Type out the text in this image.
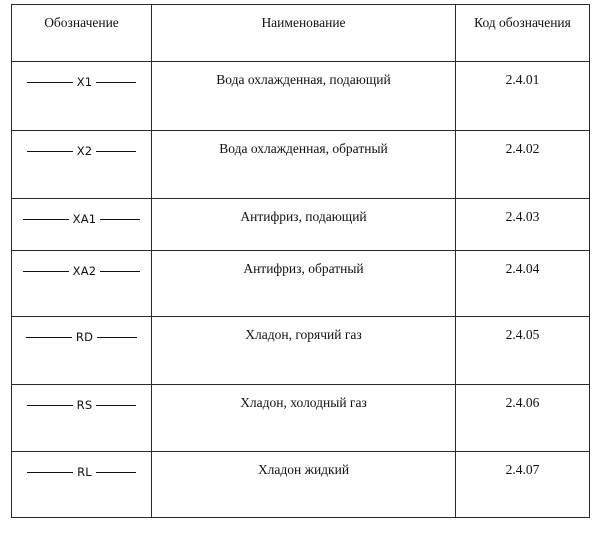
Обозначение	Наименование	Код обозначения

X1	Вода охлажденная, подающий	2.4.01

X2	Вода охлажденная, обратный	2.4.02

XA1	Антифриз, подающий	2.4.03

XA2	Антифриз, обратный	2.4.04

RD	Хладон, горячий газ	2.4.05

RS	Хладон, холодный газ	2.4.06

RL	Хладон жидкий	2.4.07
